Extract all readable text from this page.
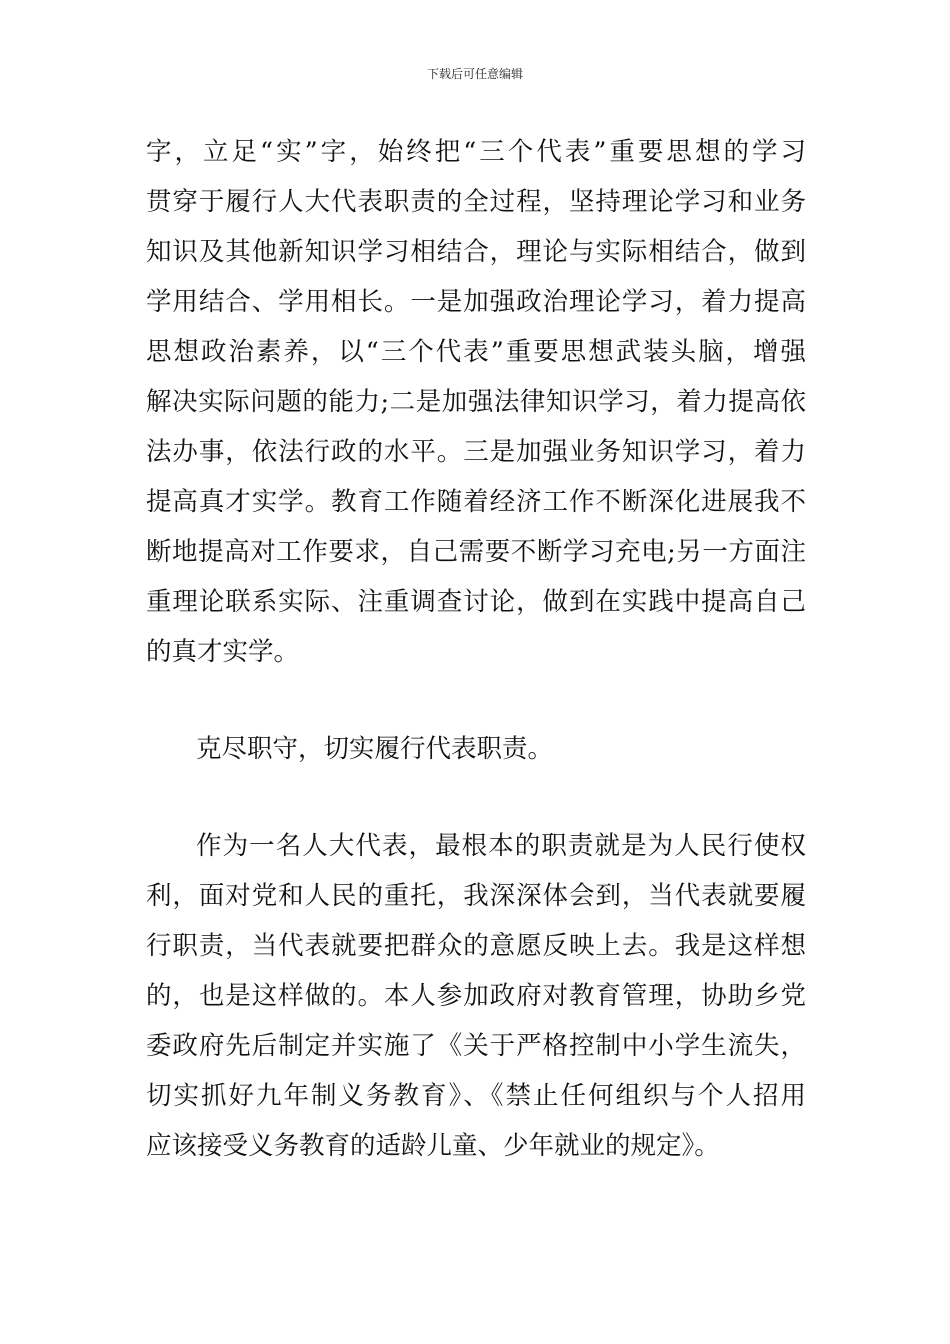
下载后可任意编辑
字，立足“实”字，始终把“三个代表”重要思想的学习
贯穿于履行人大代表职责的全过程，坚持理论学习和业务
知识及其他新知识学习相结合，理论与实际相结合，做到
学用结合、学用相长。一是加强政治理论学习，着力提高
思想政治素养，以“三个代表”重要思想武装头脑，增强
解决实际问题的能力;二是加强法律知识学习，着力提高依
法办事，依法行政的水平。三是加强业务知识学习，着力
提高真才实学。教育工作随着经济工作不断深化进展我不
断地提高对工作要求，自己需要不断学习充电;另一方面注
重理论联系实际、注重调查讨论，做到在实践中提高自己
的真才实学。
克尽职守，切实履行代表职责。
作为一名人大代表，最根本的职责就是为人民行使权
利，面对党和人民的重托，我深深体会到，当代表就要履
行职责，当代表就要把群众的意愿反映上去。我是这样想
的，也是这样做的。本人参加政府对教育管理，协助乡党
委政府先后制定并实施了《关于严格控制中小学生流失，
切实抓好九年制义务教育》、《禁止任何组织与个人招用
应该接受义务教育的适龄儿童、少年就业的规定》。
